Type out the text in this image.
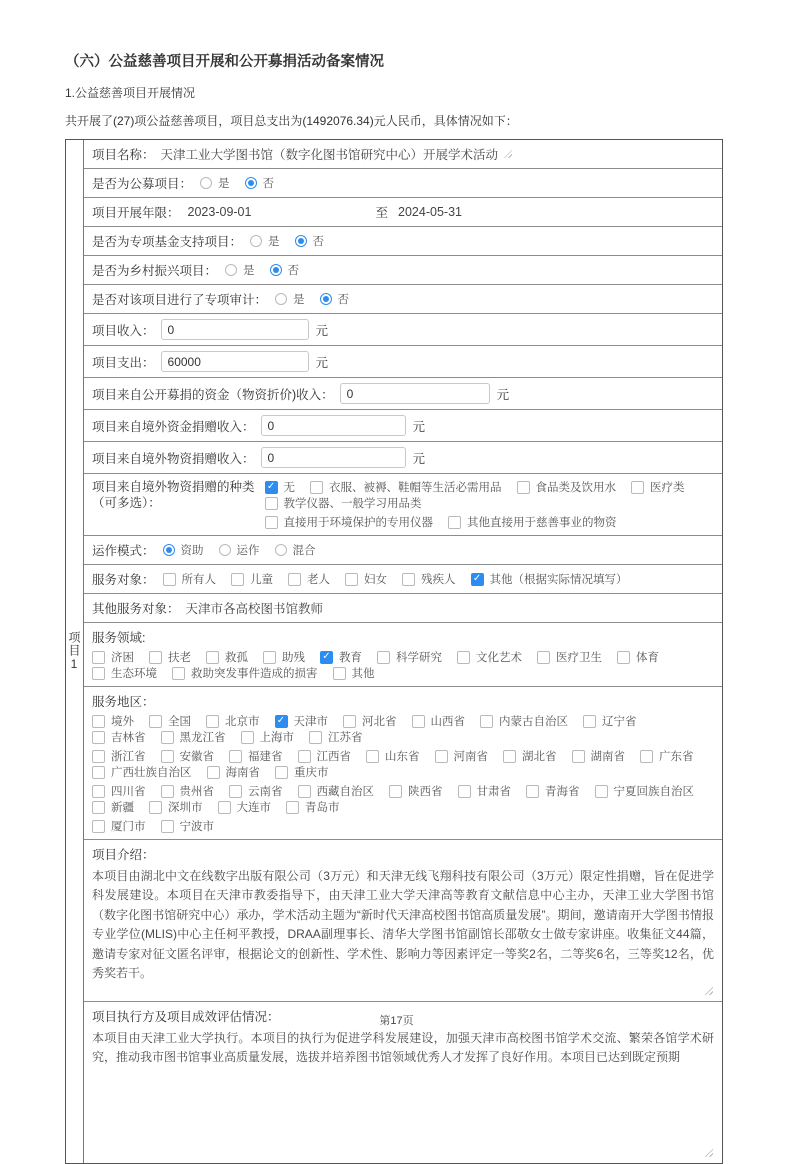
（六）公益慈善项目开展和公开募捐活动备案情况
1.公益慈善项目开展情况
共开展了(27)项公益慈善项目，项目总支出为(1492076.34)元人民币，具体情况如下：
项目1
项目名称： 天津工业大学图书馆（数字化图书馆研究中心）开展学术活动
是否为公募项目： 是	否
项目开展年限： 2023-09-01	至 2024-05-31
是否为专项基金支持项目： 是	否
是否为乡村振兴项目： 是	否
是否对该项目进行了专项审计： 是	否
项目收入：
0	元
项目支出：
60000	元
项目来自公开募捐的资金（物资折价)收入：
0	元
项目来自境外资金捐赠收入：
0	元
项目来自境外物资捐赠收入：
0	元
项目来自境外物资捐赠的种类
（可多选）：
✓ 无	衣服、被褥、鞋帽等生活必需用品	食品类及饮用水	医疗类
教学仪器、一般学习用品类
直接用于环境保护的专用仪器	其他直接用于慈善事业的物资
运作模式： 资助	运作	混合
服务对象： 所有人	儿童	老人	妇女	残疾人 ✓ 其他（根据实际情况填写）
其他服务对象： 天津市各高校图书馆教师
服务领域:
济困	扶老	救孤	助残 ✓ 教育	科学研究	文化艺术	医疗卫生	体育
生态环境	救助突发事件造成的损害	其他
服务地区：
境外	全国	北京市 ✓ 天津市	河北省	山西省	内蒙古自治区	辽宁省
吉林省	黑龙江省	上海市	江苏省
浙江省	安徽省	福建省	江西省	山东省	河南省	湖北省	湖南省	广东省
广西壮族自治区	海南省	重庆市
四川省	贵州省	云南省	西藏自治区	陕西省	甘肃省	青海省	宁夏回族自治区
新疆	深圳市	大连市	青岛市
厦门市	宁波市
项目介绍：
本项目由湖北中文在线数字出版有限公司（3万元）和天津无线飞翔科技有限公司（3万元）限定性捐赠，旨在促进学科发展建设。本项目在天津市教委指导下，由天津工业大学天津高等教育文献信息中心主办，天津工业大学图书馆（数字化图书馆研究中心）承办，学术活动主题为“新时代天津高校图书馆高质量发展”。期间，邀请南开大学图书情报专业学位(MLIS)中心主任柯平教授，DRAA副理事长、清华大学图书馆副馆长邵敬女士做专家讲座。收集征文44篇，邀请专家对征文匿名评审，根据论文的创新性、学术性、影响力等因素评定一等奖2名，二等奖6名，三等奖12名，优秀奖若干。
项目执行方及项目成效评估情况：
本项目由天津工业大学执行。本项目的执行为促进学科发展建设，加强天津市高校图书馆学术交流、繁荣各馆学术研究，推动我市图书馆事业高质量发展，选拔并培养图书馆领域优秀人才发挥了良好作用。本项目已达到既定预期
第17页
